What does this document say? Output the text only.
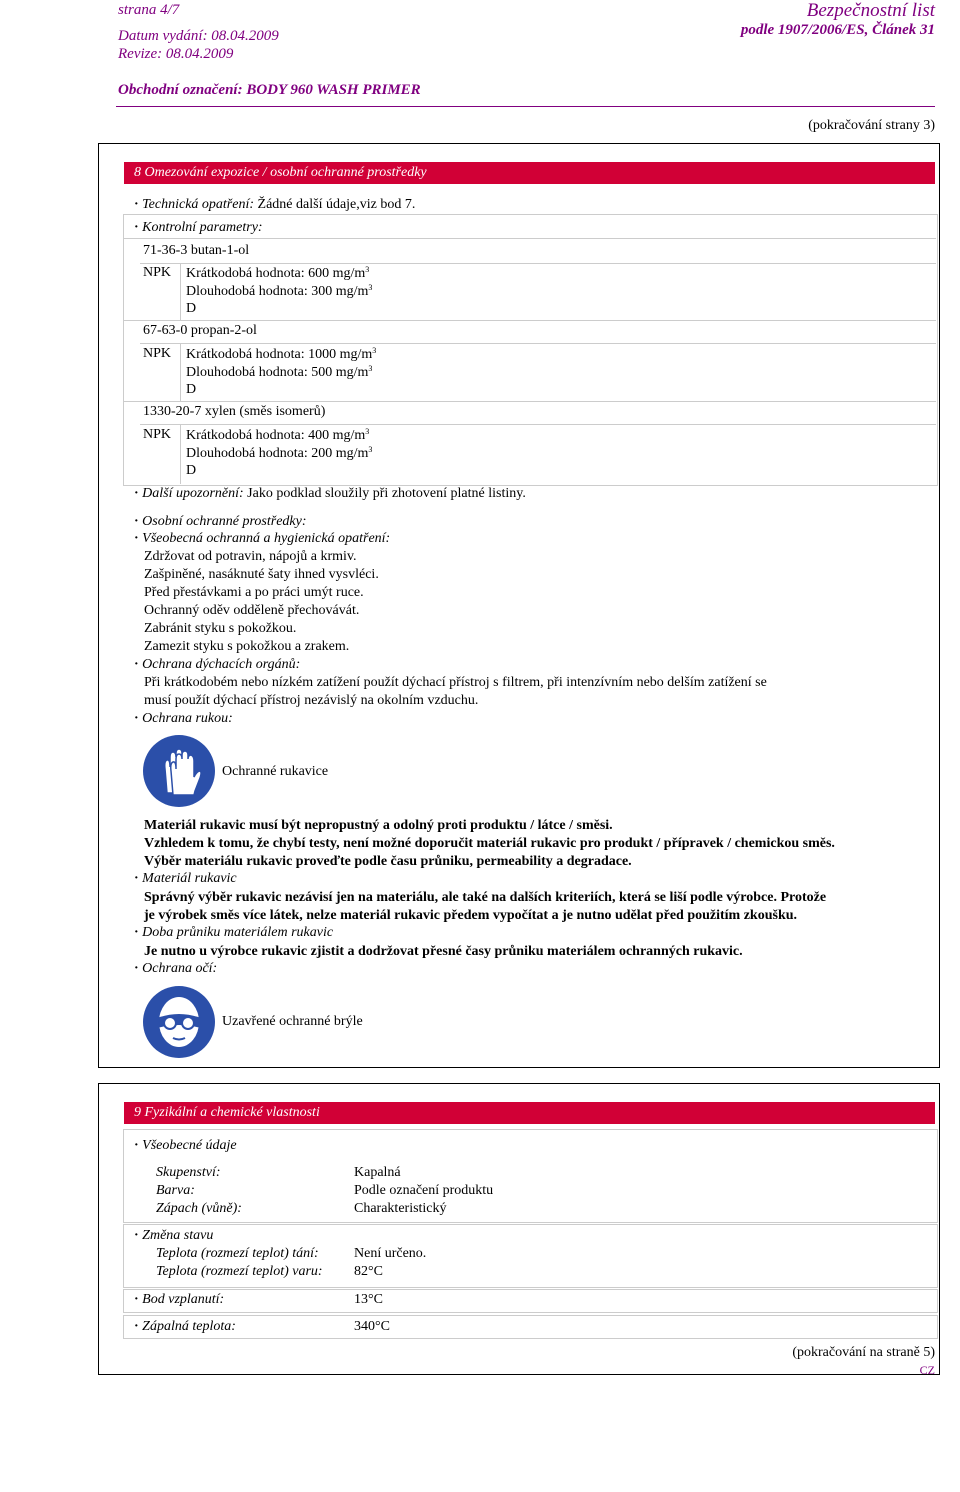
strana 4/7
Datum vydání: 08.04.2009
Revize: 08.04.2009
Bezpečnostní list
podle 1907/2006/ES, Článek 31
Obchodní označení: BODY 960 WASH PRIMER
(pokračování strany 3)
8 Omezování expozice / osobní ochranné prostředky
· Technická opatření: Žádné další údaje,viz bod 7.
· Kontrolní parametry:
71-36-3 butan-1-ol
NPK Krátkodobá hodnota: 600 $mg/m^3$
Dlouhodobá hodnota: 300 $mg/m^3$
D
67-63-0 propan-2-ol
NPK Krátkodobá hodnota: 1000 $mg/m^3$
Dlouhodobá hodnota: 500 $mg/m^3$
D
1330-20-7 xylen (směs isomerů)
NPK Krátkodobá hodnota: 400 $mg/m^3$
Dlouhodobá hodnota: 200 $mg/m^3$
D
· Další upozornění: Jako podklad sloužily při zhotovení platné listiny.
· Osobní ochranné prostředky:
· Všeobecná ochranná a hygienická opatření:
Zdržovat od potravin, nápojů a krmiv.
Zašpiněné, nasáknuté šaty ihned vysvléci.
Před přestávkami a po práci umýt ruce.
Ochranný oděv odděleně přechovávát.
Zabránit styku s pokožkou.
Zamezit styku s pokožkou a zrakem.
· Ochrana dýchacích orgánů:
Při krátkodobém nebo nízkém zatížení použít dýchací přístroj s filtrem, při intenzívním nebo delším zatížení se
musí použít dýchací přístroj nezávislý na okolním vzduchu.
· Ochrana rukou:
Ochranné rukavice
Materiál rukavic musí být nepropustný a odolný proti produktu / látce / směsi.
Vzhledem k tomu, že chybí testy, není možné doporučit materiál rukavic pro produkt / přípravek / chemickou směs.
Výběr materiálu rukavic proveďte podle času průniku, permeability a degradace.
· Materiál rukavic
Správný výběr rukavic nezávisí jen na materiálu, ale také na dalších kriteriích, která se liší podle výrobce. Protože
je výrobek směs více látek, nelze materiál rukavic předem vypočítat a je nutno udělat před použitím zkoušku.
· Doba průniku materiálem rukavic
Je nutno u výrobce rukavic zjistit a dodržovat přesné časy průniku materiálem ochranných rukavic.
· Ochrana očí:
Uzavřené ochranné brýle
9 Fyzikální a chemické vlastnosti
· Všeobecné údaje
Skupenství:	Kapalná
Barva:	Podle označení produktu
Zápach (vůně):	Charakteristický
· Změna stavu
Teplota (rozmezí teplot) tání:	Není určeno.
Teplota (rozmezí teplot) varu: 82°C
· Bod vzplanutí:	13°C
· Zápalná teplota:	340°C
(pokračování na straně 5)
CZ
